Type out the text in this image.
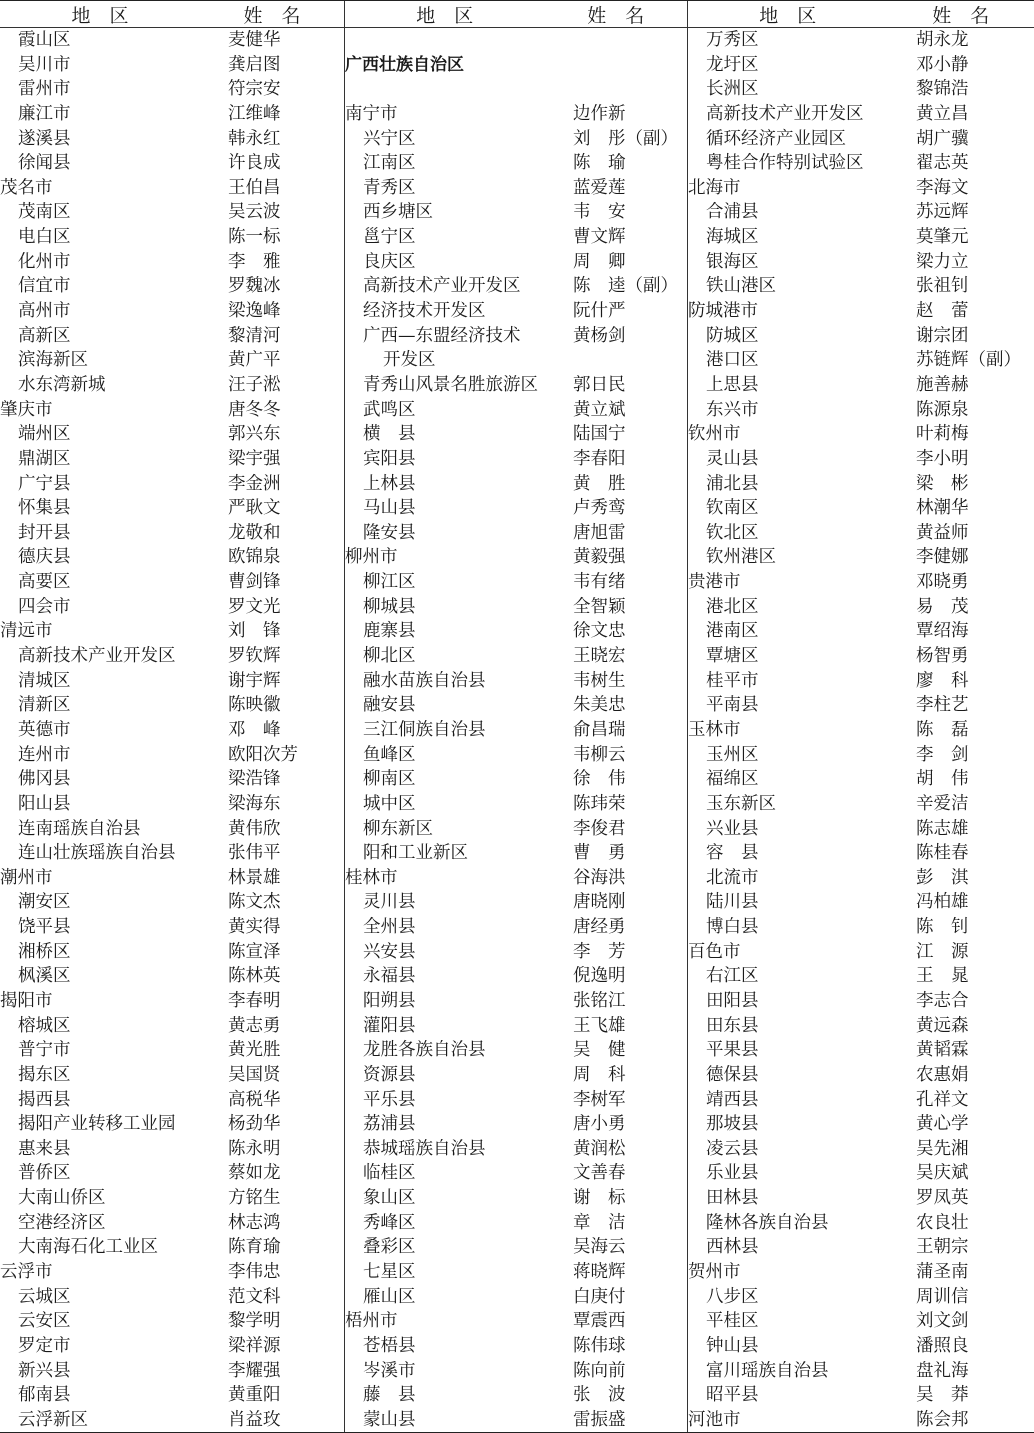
地　区	姓　名
霞山区	麦健华
吴川市	龚启图
雷州市	符宗安
廉江市	江维峰
遂溪县	韩永红
徐闻县	许良成
茂名市	王伯昌
茂南区	吴云波
电白区	陈一标
化州市	李　雅
信宜市	罗魏冰
高州市	梁逸峰
高新区	黎清河
滨海新区	黄广平
水东湾新城	汪子淞
肇庆市	唐冬冬
端州区	郭兴东
鼎湖区	梁宇强
广宁县	李金洲
怀集县	严耿文
封开县	龙敬和
德庆县	欧锦泉
高要区	曹剑锋
四会市	罗文光
清远市	刘　锋
高新技术产业开发区	罗钦辉
清城区	谢宇辉
清新区	陈映徽
英德市	邓　峰
连州市	欧阳次芳
佛冈县	梁浩锋
阳山县	梁海东
连南瑶族自治县	黄伟欣
连山壮族瑶族自治县	张伟平
潮州市	林景雄
潮安区	陈文杰
饶平县	黄实得
湘桥区	陈宣泽
枫溪区	陈林英
揭阳市	李春明
榕城区	黄志勇
普宁市	黄光胜
揭东区	吴国贤
揭西县	高税华
揭阳产业转移工业园	杨劲华
惠来县	陈永明
普侨区	蔡如龙
大南山侨区	方铭生
空港经济区	林志鸿
大南海石化工业区	陈育瑜
云浮市	李伟忠
云城区	范文科
云安区	黎学明
罗定市	梁祥源
新兴县	李耀强
郁南县	黄重阳
云浮新区	肖益玫
地　区	姓　名
广西壮族自治区
南宁市	边作新
兴宁区	刘　彤（副）
江南区	陈　瑜
青秀区	蓝爱莲
西乡塘区	韦　安
邕宁区	曹文辉
良庆区	周　卿
高新技术产业开发区	陈　逵（副）
经济技术开发区	阮什严
广西—东盟经济技术	黄杨剑
开发区
青秀山风景名胜旅游区	郭日民
武鸣区	黄立斌
横　县	陆国宁
宾阳县	李春阳
上林县	黄　胜
马山县	卢秀鸾
隆安县	唐旭雷
柳州市	黄毅强
柳江区	韦有绪
柳城县	全智颖
鹿寨县	徐文忠
柳北区	王晓宏
融水苗族自治县	韦树生
融安县	朱美忠
三江侗族自治县	俞昌瑞
鱼峰区	韦柳云
柳南区	徐　伟
城中区	陈玮荣
柳东新区	李俊君
阳和工业新区	曹　勇
桂林市	谷海洪
灵川县	唐晓刚
全州县	唐经勇
兴安县	李　芳
永福县	倪逸明
阳朔县	张铭江
灌阳县	王飞雄
龙胜各族自治县	吴　健
资源县	周　科
平乐县	李树军
荔浦县	唐小勇
恭城瑶族自治县	黄润松
临桂区	文善春
象山区	谢　标
秀峰区	章　洁
叠彩区	吴海云
七星区	蒋晓辉
雁山区	白庚付
梧州市	覃震西
苍梧县	陈伟球
岑溪市	陈向前
藤　县	张　波
蒙山县	雷振盛
地　区	姓　名
万秀区	胡永龙
龙圩区	邓小静
长洲区	黎锦浩
高新技术产业开发区	黄立昌
循环经济产业园区	胡广骥
粤桂合作特别试验区	翟志英
北海市	李海文
合浦县	苏远辉
海城区	莫肇元
银海区	梁力立
铁山港区	张祖钊
防城港市	赵　蕾
防城区	谢宗团
港口区	苏链辉（副）
上思县	施善赫
东兴市	陈源泉
钦州市	叶莉梅
灵山县	李小明
浦北县	梁　彬
钦南区	林潮华
钦北区	黄益师
钦州港区	李健娜
贵港市	邓晓勇
港北区	易　茂
港南区	覃绍海
覃塘区	杨智勇
桂平市	廖　科
平南县	李柱艺
玉林市	陈　磊
玉州区	李　剑
福绵区	胡　伟
玉东新区	辛爱洁
兴业县	陈志雄
容　县	陈桂春
北流市	彭　淇
陆川县	冯柏雄
博白县	陈　钊
百色市	江　源
右江区	王　晁
田阳县	李志合
田东县	黄远森
平果县	黄韬霖
德保县	农惠娟
靖西县	孔祥文
那坡县	黄心学
凌云县	吴先湘
乐业县	吴庆斌
田林县	罗凤英
隆林各族自治县	农良壮
西林县	王朝宗
贺州市	蒲圣南
八步区	周训信
平桂区	刘文剑
钟山县	潘照良
富川瑶族自治县	盘礼海
昭平县	吴　莽
河池市	陈会邦
